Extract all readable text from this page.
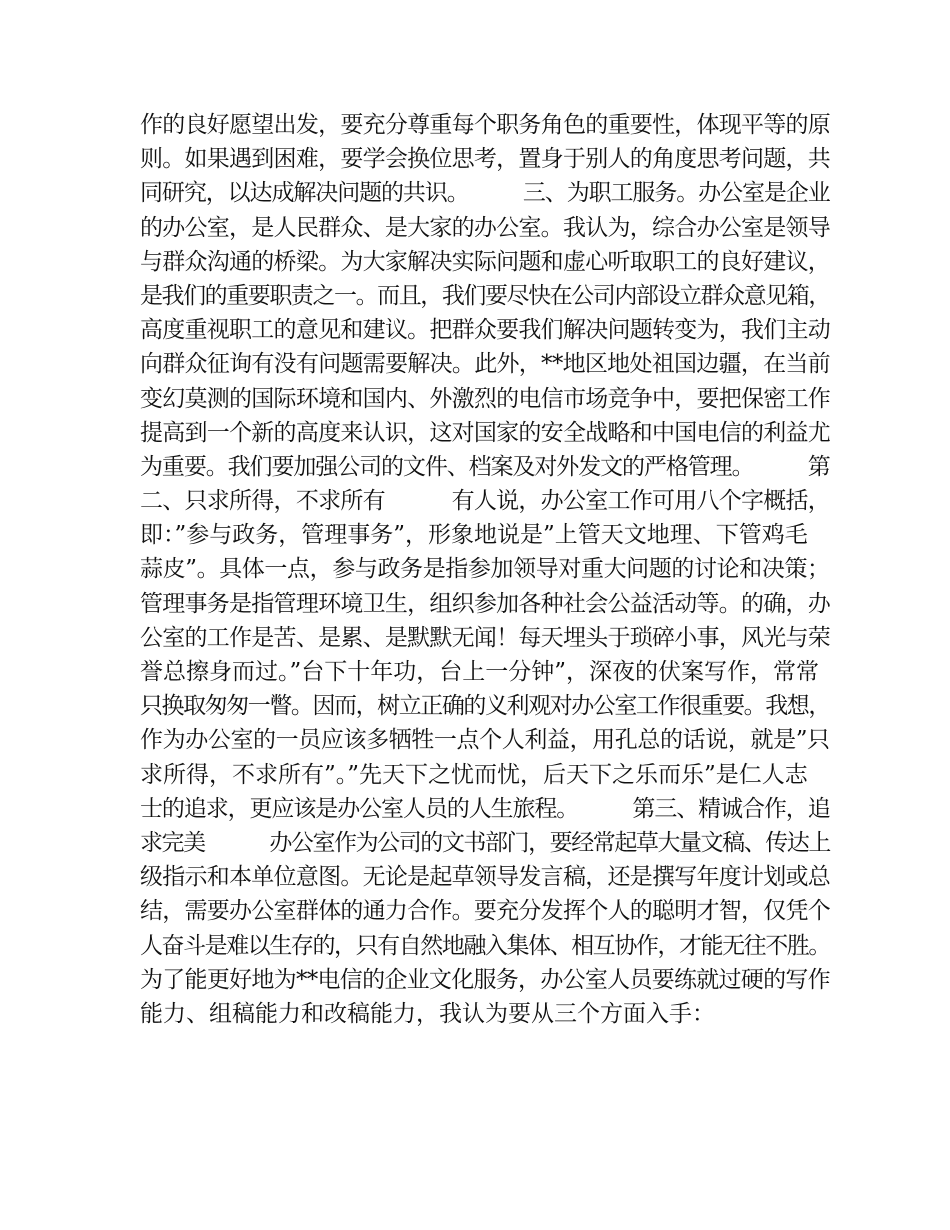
作的良好愿望出发，要充分尊重每个职务角色的重要性，体现平等的原
则。如果遇到困难，要学会换位思考，置身于别人的角度思考问题，共
同研究，以达成解决问题的共识。　　　三、为职工服务。办公室是企业
的办公室，是人民群众、是大家的办公室。我认为，综合办公室是领导
与群众沟通的桥梁。为大家解决实际问题和虚心听取职工的良好建议，
是我们的重要职责之一。而且，我们要尽快在公司内部设立群众意见箱，
高度重视职工的意见和建议。把群众要我们解决问题转变为，我们主动
向群众征询有没有问题需要解决。此外，**地区地处祖国边疆，在当前
变幻莫测的国际环境和国内、外激烈的电信市场竞争中，要把保密工作
提高到一个新的高度来认识，这对国家的安全战略和中国电信的利益尤
为重要。我们要加强公司的文件、档案及对外发文的严格管理。　　　第
二、只求所得，不求所有　　　有人说，办公室工作可用八个字概括，
即：”参与政务，管理事务”，形象地说是”上管天文地理、下管鸡毛
蒜皮”。具体一点，参与政务是指参加领导对重大问题的讨论和决策；
管理事务是指管理环境卫生，组织参加各种社会公益活动等。的确，办
公室的工作是苦、是累、是默默无闻！每天埋头于琐碎小事，风光与荣
誉总擦身而过。”台下十年功，台上一分钟”，深夜的伏案写作，常常
只换取匆匆一瞥。因而，树立正确的义利观对办公室工作很重要。我想，
作为办公室的一员应该多牺牲一点个人利益，用孔总的话说，就是”只
求所得，不求所有”。”先天下之忧而忧，后天下之乐而乐”是仁人志
士的追求，更应该是办公室人员的人生旅程。　　　第三、精诚合作，追
求完美　　　办公室作为公司的文书部门，要经常起草大量文稿、传达上
级指示和本单位意图。无论是起草领导发言稿，还是撰写年度计划或总
结，需要办公室群体的通力合作。要充分发挥个人的聪明才智，仅凭个
人奋斗是难以生存的，只有自然地融入集体、相互协作，才能无往不胜。
为了能更好地为**电信的企业文化服务，办公室人员要练就过硬的写作
能力、组稿能力和改稿能力，我认为要从三个方面入手：
